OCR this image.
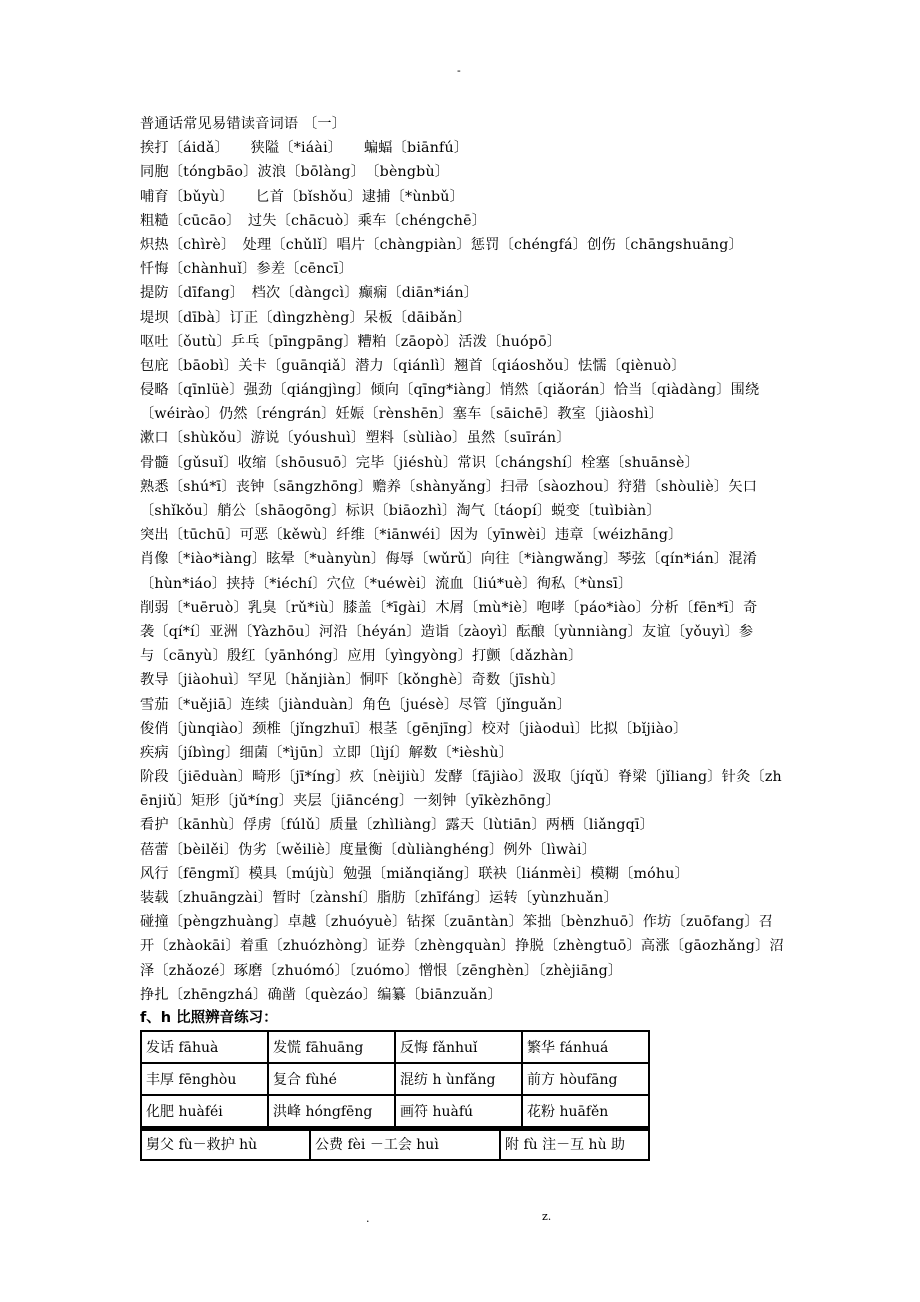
-
普通话常见易错读音词语 〔一〕
挨打〔áidǎ〕　　狭隘〔*iáài〕　　蝙蝠〔biānfú〕
同胞〔tóngbāo〕波浪〔bōlàng〕　〔bèngbù〕
哺育〔bǔyù〕　　匕首〔bǐshǒu〕逮捕〔*ùnbǔ〕
粗糙〔cūcāo〕　过失〔chācuò〕乘车〔chéngchē〕
炽热〔chìrè〕　处理〔chǔlǐ〕唱片〔chàngpiàn〕惩罚〔chéngfá〕创伤〔chāngshuāng〕
忏悔〔chànhuǐ〕参差〔cēncī〕
提防〔dīfang〕　档次〔dàngcì〕癫痫〔diān*ián〕
堤坝〔dībà〕订正〔dìngzhèng〕呆板〔dāibǎn〕
呕吐〔ǒutù〕乒乓〔pīngpāng〕糟粕〔zāopò〕活泼〔huópō〕
包庇〔bāobì〕关卡〔guānqiǎ〕潜力〔qiánlì〕翘首〔qiáoshǒu〕怯懦〔qiènuò〕
侵略〔qīnlüè〕强劲〔qiángjìng〕倾向〔qīng*iàng〕悄然〔qiǎorán〕恰当〔qiàdàng〕围绕
〔wéirào〕仍然〔réngrán〕妊娠〔rènshēn〕塞车〔sāichē〕教室〔jiàoshì〕
漱口〔shùkǒu〕游说〔yóushuì〕塑料〔sùliào〕虽然〔suīrán〕
骨髓〔gǔsuǐ〕收缩〔shōusuō〕完毕〔jiéshù〕常识〔chángshí〕栓塞〔shuānsè〕
熟悉〔shú*ī〕丧钟〔sāngzhōng〕赡养〔shànyǎng〕扫帚〔sàozhou〕狩猎〔shòuliè〕矢口
〔shǐkǒu〕艄公〔shāogōng〕标识〔biāozhì〕淘气〔táopí〕蜕变〔tuìbiàn〕
突出〔tūchū〕可恶〔kěwù〕纤维〔*iānwéi〕因为〔yīnwèi〕违章〔wéizhāng〕
肖像〔*iào*iàng〕眩晕〔*uànyùn〕侮辱〔wǔrǔ〕向往〔*iàngwǎng〕琴弦〔qín*ián〕混淆
〔hùn*iáo〕挟持〔*iéchí〕穴位〔*uéwèi〕流血〔liú*uè〕徇私〔*ùnsī〕
削弱〔*uēruò〕乳臭〔rǔ*iù〕膝盖〔*īgài〕木屑〔mù*iè〕咆哮〔páo*iào〕分析〔fēn*ī〕奇
袭〔qí*í〕亚洲〔Yàzhōu〕河沿〔héyán〕造诣〔zàoyì〕酝酿〔yùnniàng〕友谊〔yǒuyì〕参
与〔cānyù〕殷红〔yānhóng〕应用〔yìngyòng〕打颤〔dǎzhàn〕
教导〔jiàohuì〕罕见〔hǎnjiàn〕恫吓〔kǒnghè〕奇数〔jīshù〕
雪茄〔*uějiā〕连续〔jiànduàn〕角色〔juésè〕尽管〔jǐnguǎn〕
俊俏〔jùnqiào〕颈椎〔jǐngzhuī〕根茎〔gēnjīng〕校对〔jiàoduì〕比拟〔bǐjiào〕
疾病〔jíbìng〕细菌〔*ìjūn〕立即〔lìjí〕解数〔*ièshù〕
阶段〔jiēduàn〕畸形〔jī*íng〕疚〔nèijiù〕发酵〔fājiào〕汲取〔jíqǔ〕脊梁〔jǐliang〕针灸〔zh
ēnjiǔ〕矩形〔jǔ*íng〕夹层〔jiāncéng〕一刻钟〔yīkèzhōng〕
看护〔kānhù〕俘虏〔fúlǔ〕质量〔zhìliàng〕露天〔lùtiān〕两栖〔liǎngqī〕
蓓蕾〔bèilěi〕伪劣〔wěiliè〕度量衡〔dùliànghéng〕例外〔lìwài〕
风行〔fēngmǐ〕模具〔mújù〕勉强〔miǎnqiǎng〕联袂〔liánmèi〕模糊〔móhu〕
装载〔zhuāngzài〕暂时〔zànshí〕脂肪〔zhīfáng〕运转〔yùnzhuǎn〕
碰撞〔pèngzhuàng〕卓越〔zhuóyuè〕钻探〔zuāntàn〕笨拙〔bènzhuō〕作坊〔zuōfang〕召
开〔zhàokāi〕着重〔zhuózhòng〕证券〔zhèngquàn〕挣脱〔zhèngtuō〕高涨〔gāozhǎng〕沼
泽〔zhǎozé〕琢磨〔zhuómó〕〔zuómo〕憎恨〔zēnghèn〕〔zhèjiāng〕
挣扎〔zhēngzhá〕确凿〔quèzáo〕编纂〔biānzuǎn〕
f、h 比照辨音练习：
发话 fāhuà	发慌 fāhuāng	反悔 fǎnhuǐ	繁华 fánhuá
丰厚 fēnghòu	复合 fùhé	混纺 h ùnfǎng	前方 hòufāng
化肥 huàféi	洪峰 hóngfēng	画符 huàfú	花粉 huāfěn
舅父 fù－救护 hù	公费 fèi －工会 huì	附 fù 注－互 hù 助
.	z.
